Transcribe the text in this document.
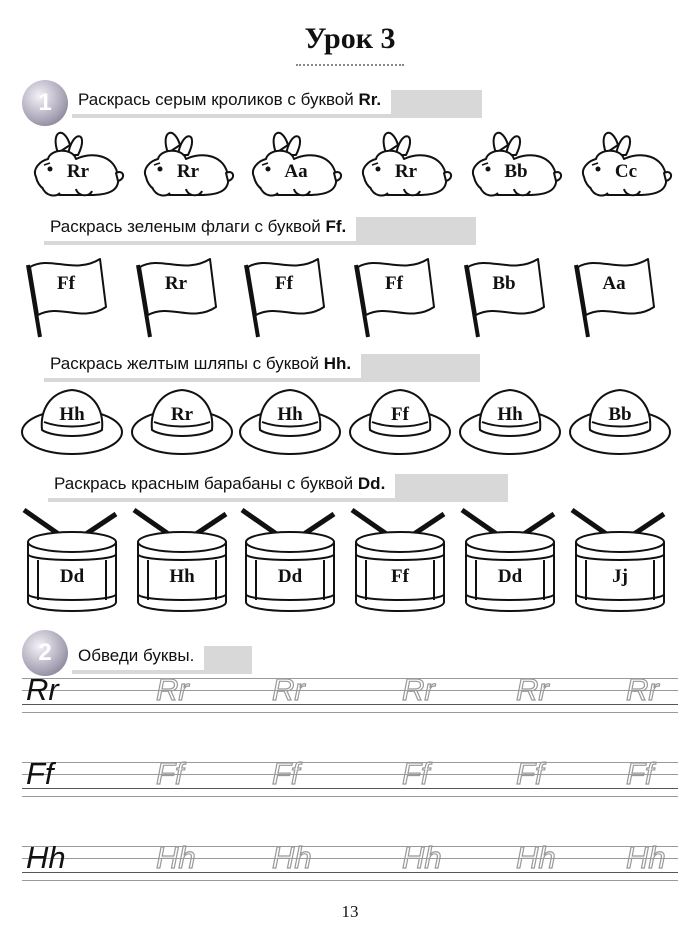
Урок 3
1	Раскрась серым кроликов с буквой Rr.
Rr	Rr	Aa	Rr	Bb	Cc
Раскрась зеленым флаги с буквой Ff.
Ff	Rr	Ff	Ff	Bb	Aa
Раскрась желтым шляпы с буквой Hh.
Hh	Rr	Hh	Ff	Hh	Bb
Раскрась красным барабаны с буквой Dd.
Dd	Hh	Dd	Ff	Dd	Jj
2	Обведи буквы.
Rr	Rr	Rr	Rr	Rr Rr
Ff	Ff	Ff	Ff	Ff	Ff
Hh	Hh Hh	Hh Hh Hh
13
